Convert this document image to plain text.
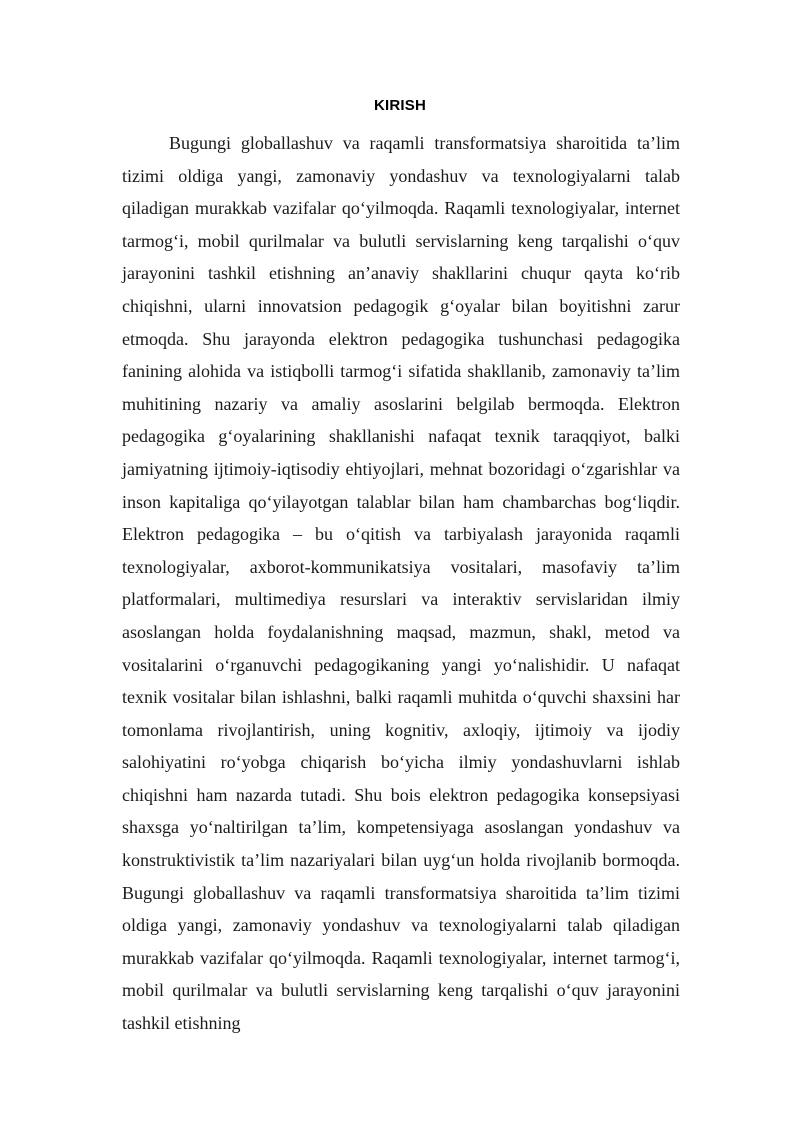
KIRISH

Bugungi globallashuv va raqamli transformatsiya sharoitida ta’lim tizimi oldiga yangi, zamonaviy yondashuv va texnologiyalarni talab qiladigan murakkab vazifalar qo‘yilmoqda. Raqamli texnologiyalar, internet tarmog‘i, mobil qurilmalar va bulutli servislarning keng tarqalishi o‘quv jarayonini tashkil etishning an’anaviy shakllarini chuqur qayta ko‘rib chiqishni, ularni innovatsion pedagogik g‘oyalar bilan boyitishni zarur etmoqda. Shu jarayonda elektron pedagogika tushunchasi pedagogika fanining alohida va istiqbolli tarmog‘i sifatida shakllanib, zamonaviy ta’lim muhitining nazariy va amaliy asoslarini belgilab bermoqda. Elektron pedagogika g‘oyalarining shakllanishi nafaqat texnik taraqqiyot, balki jamiyatning ijtimoiy-iqtisodiy ehtiyojlari, mehnat bozoridagi o‘zgarishlar va inson kapitaliga qo‘yilayotgan talablar bilan ham chambarchas bog‘liqdir. Elektron pedagogika – bu o‘qitish va tarbiyalash jarayonida raqamli texnologiyalar, axborot-kommunikatsiya vositalari, masofaviy ta’lim platformalari, multimediya resurslari va interaktiv servislaridan ilmiy asoslangan holda foydalanishning maqsad, mazmun, shakl, metod va vositalarini o‘rganuvchi pedagogikaning yangi yo‘nalishidir. U nafaqat texnik vositalar bilan ishlashni, balki raqamli muhitda o‘quvchi shaxsini har tomonlama rivojlantirish, uning kognitiv, axloqiy, ijtimoiy va ijodiy salohiyatini ro‘yobga chiqarish bo‘yicha ilmiy yondashuvlarni ishlab chiqishni ham nazarda tutadi. Shu bois elektron pedagogika konsepsiyasi shaxsga yo‘naltirilgan ta’lim, kompetensiyaga asoslangan yondashuv va konstruktivistik ta’lim nazariyalari bilan uyg‘un holda rivojlanib bormoqda. Bugungi globallashuv va raqamli transformatsiya sharoitida ta’lim tizimi oldiga yangi, zamonaviy yondashuv va texnologiyalarni talab qiladigan murakkab vazifalar qo‘yilmoqda. Raqamli texnologiyalar, internet tarmog‘i, mobil qurilmalar va bulutli servislarning keng tarqalishi o‘quv jarayonini tashkil etishning
